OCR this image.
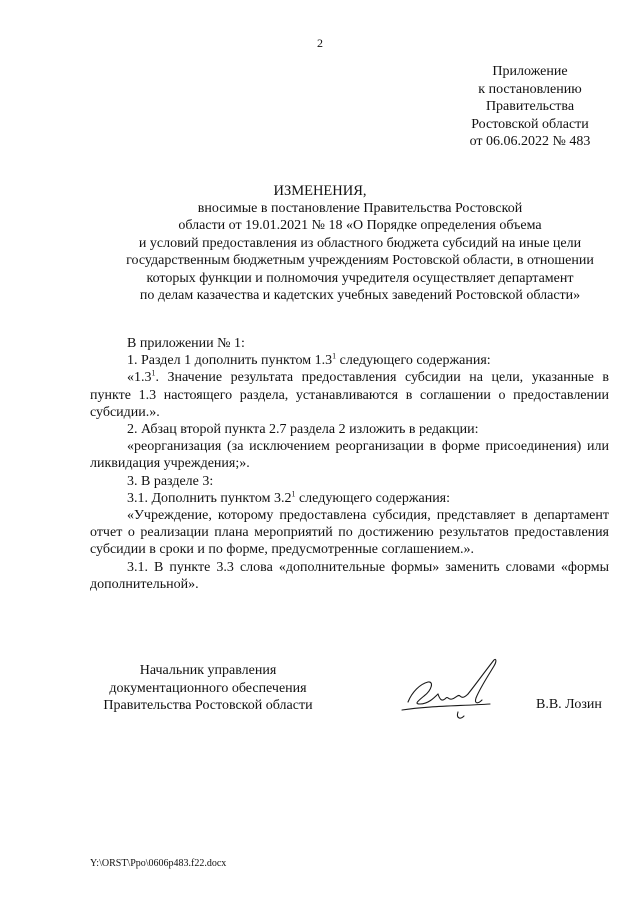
2
Приложение
к постановлению
Правительства
Ростовской области
от 06.06.2022 № 483
ИЗМЕНЕНИЯ,
вносимые в постановление Правительства Ростовской
области от 19.01.2021 № 18 «О Порядке определения объема
и условий предоставления из областного бюджета субсидий на иные цели
государственным бюджетным учреждениям Ростовской области, в отношении
которых функции и полномочия учредителя осуществляет департамент
по делам казачества и кадетских учебных заведений Ростовской области»
В приложении № 1:
1. Раздел 1 дополнить пунктом $1.3^1$ следующего содержания:
«$1.3^1$. Значение результата предоставления субсидии на цели, указанные в пункте 1.3 настоящего раздела, устанавливаются в соглашении о предоставлении субсидии.».
2. Абзац второй пункта 2.7 раздела 2 изложить в редакции:
«реорганизация (за исключением реорганизации в форме присоединения) или ликвидация учреждения;».
3. В разделе 3:
3.1. Дополнить пунктом $3.2^1$ следующего содержания:
«Учреждение, которому предоставлена субсидия, представляет в департамент отчет о реализации плана мероприятий по достижению результатов предоставления субсидии в сроки и по форме, предусмотренные соглашением.».
3.1. В пункте 3.3 слова «дополнительные формы» заменить словами «формы дополнительной».
Начальник управления
документационного обеспечения
Правительства Ростовской области	В.В. Лозин
Y:\ORST\Ppo\0606p483.f22.docx
